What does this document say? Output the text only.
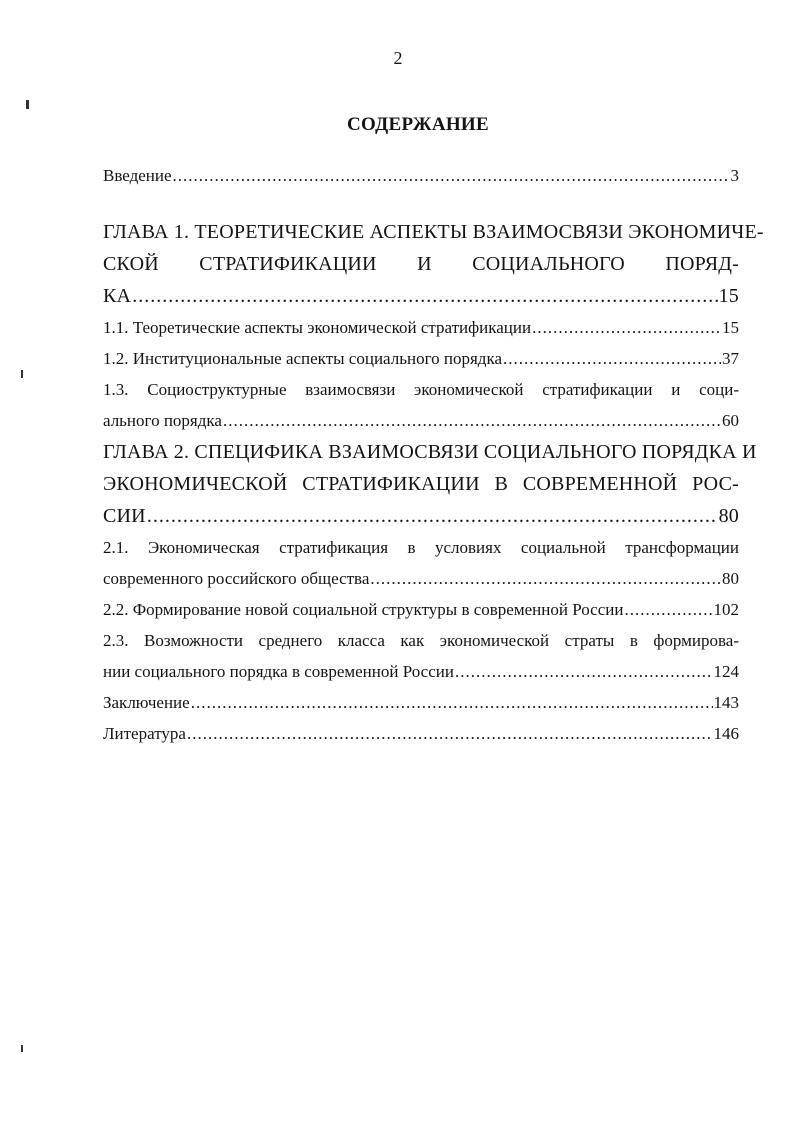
2
СОДЕРЖАНИЕ
Введение .....	3
ГЛАВА 1. ТЕОРЕТИЧЕСКИЕ АСПЕКТЫ ВЗАИМОСВЯЗИ ЭКОНОМИЧЕ-
СКОЙ СТРАТИФИКАЦИИ И СОЦИАЛЬНОГО ПОРЯД-
КА .....	15
1.1. Теоретические аспекты экономической стратификации .....	15
1.2. Институциональные аспекты социального порядка .....	37
1.3. Социоструктурные взаимосвязи экономической стратификации и соци-
ального порядка .....	60
ГЛАВА 2. СПЕЦИФИКА ВЗАИМОСВЯЗИ СОЦИАЛЬНОГО ПОРЯДКА И
ЭКОНОМИЧЕСКОЙ СТРАТИФИКАЦИИ В СОВРЕМЕННОЙ РОС-
СИИ .....	80
2.1. Экономическая стратификация в условиях социальной трансформации
современного российского общества .....	80
2.2. Формирование новой социальной структуры в современной России .....	102
2.3. Возможности среднего класса как экономической страты в формирова-
нии социального порядка в современной России .....	124
Заключение .....	143
Литература .....	146
